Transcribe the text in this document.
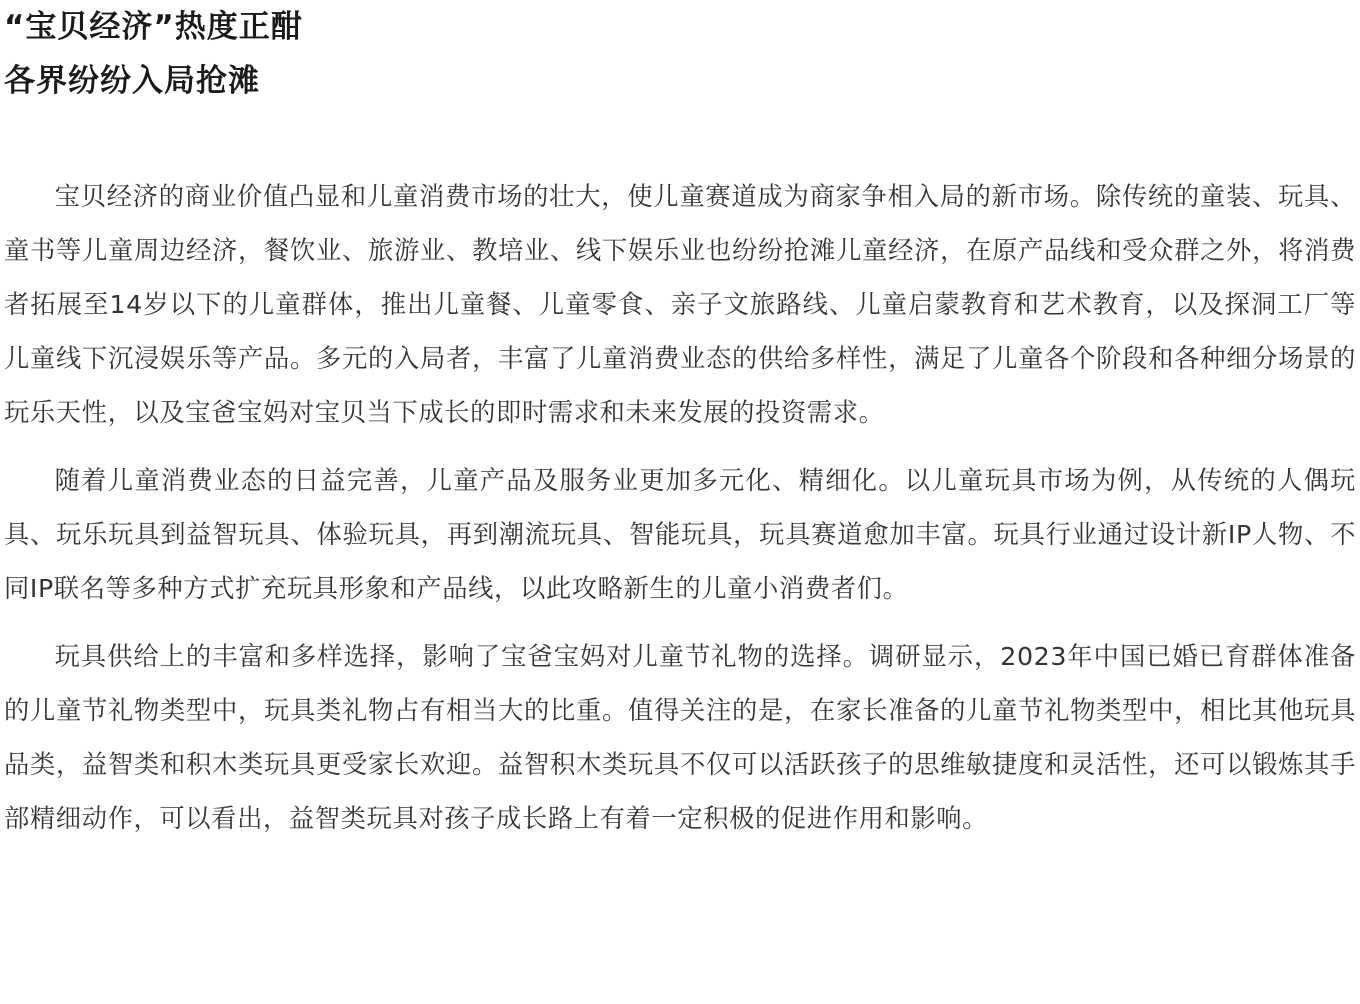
“宝贝经济”热度正酣
各界纷纷入局抢滩

宝贝经济的商业价值凸显和儿童消费市场的壮大，使儿童赛道成为商家争相入局的新市场。除传统的童装、玩具、童书等儿童周边经济，餐饮业、旅游业、教培业、线下娱乐业也纷纷抢滩儿童经济，在原产品线和受众群之外，将消费者拓展至14岁以下的儿童群体，推出儿童餐、儿童零食、亲子文旅路线、儿童启蒙教育和艺术教育，以及探洞工厂等儿童线下沉浸娱乐等产品。多元的入局者，丰富了儿童消费业态的供给多样性，满足了儿童各个阶段和各种细分场景的玩乐天性，以及宝爸宝妈对宝贝当下成长的即时需求和未来发展的投资需求。

随着儿童消费业态的日益完善，儿童产品及服务业更加多元化、精细化。以儿童玩具市场为例，从传统的人偶玩具、玩乐玩具到益智玩具、体验玩具，再到潮流玩具、智能玩具，玩具赛道愈加丰富。玩具行业通过设计新IP人物、不同IP联名等多种方式扩充玩具形象和产品线，以此攻略新生的儿童小消费者们。

玩具供给上的丰富和多样选择，影响了宝爸宝妈对儿童节礼物的选择。调研显示，2023年中国已婚已育群体准备的儿童节礼物类型中，玩具类礼物占有相当大的比重。值得关注的是，在家长准备的儿童节礼物类型中，相比其他玩具品类，益智类和积木类玩具更受家长欢迎。益智积木类玩具不仅可以活跃孩子的思维敏捷度和灵活性，还可以锻炼其手部精细动作，可以看出，益智类玩具对孩子成长路上有着一定积极的促进作用和影响。
